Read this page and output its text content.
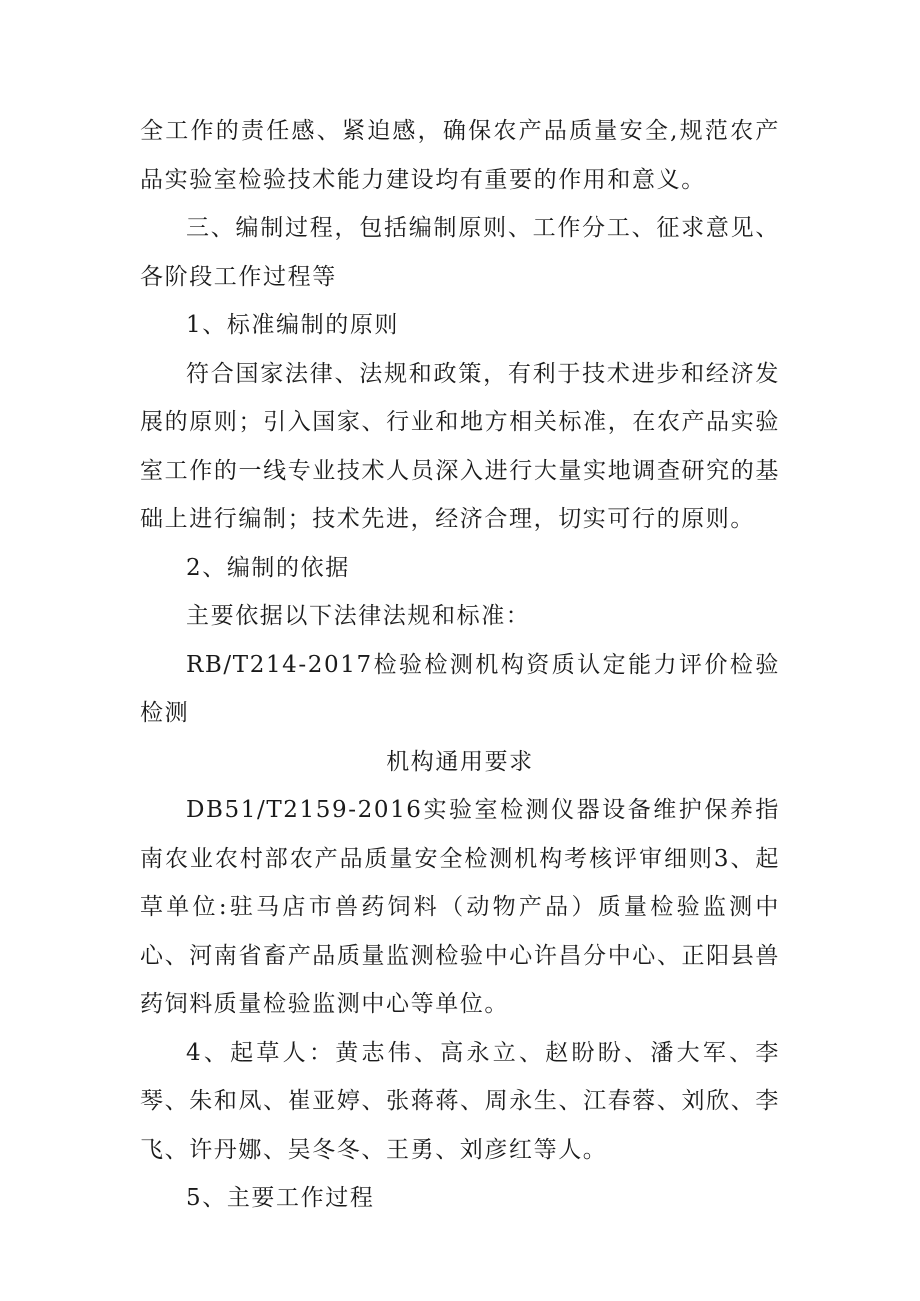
全工作的责任感、紧迫感，确保农产品质量安全,规范农产品实验室检验技术能力建设均有重要的作用和意义。

三、编制过程，包括编制原则、工作分工、征求意见、各阶段工作过程等

1、标准编制的原则

符合国家法律、法规和政策，有利于技术进步和经济发展的原则；引入国家、行业和地方相关标准，在农产品实验室工作的一线专业技术人员深入进行大量实地调查研究的基础上进行编制；技术先进，经济合理，切实可行的原则。

2、编制的依据

主要依据以下法律法规和标准：

RB/T214-2017检验检测机构资质认定能力评价检验检测

机构通用要求

DB51/T2159-2016实验室检测仪器设备维护保养指南农业农村部农产品质量安全检测机构考核评审细则3、起草单位:驻马店市兽药饲料（动物产品）质量检验监测中心、河南省畜产品质量监测检验中心许昌分中心、正阳县兽药饲料质量检验监测中心等单位。

4、起草人：黄志伟、高永立、赵盼盼、潘大军、李琴、朱和凤、崔亚婷、张蒋蒋、周永生、江春蓉、刘欣、李飞、许丹娜、吴冬冬、王勇、刘彦红等人。

5、主要工作过程
